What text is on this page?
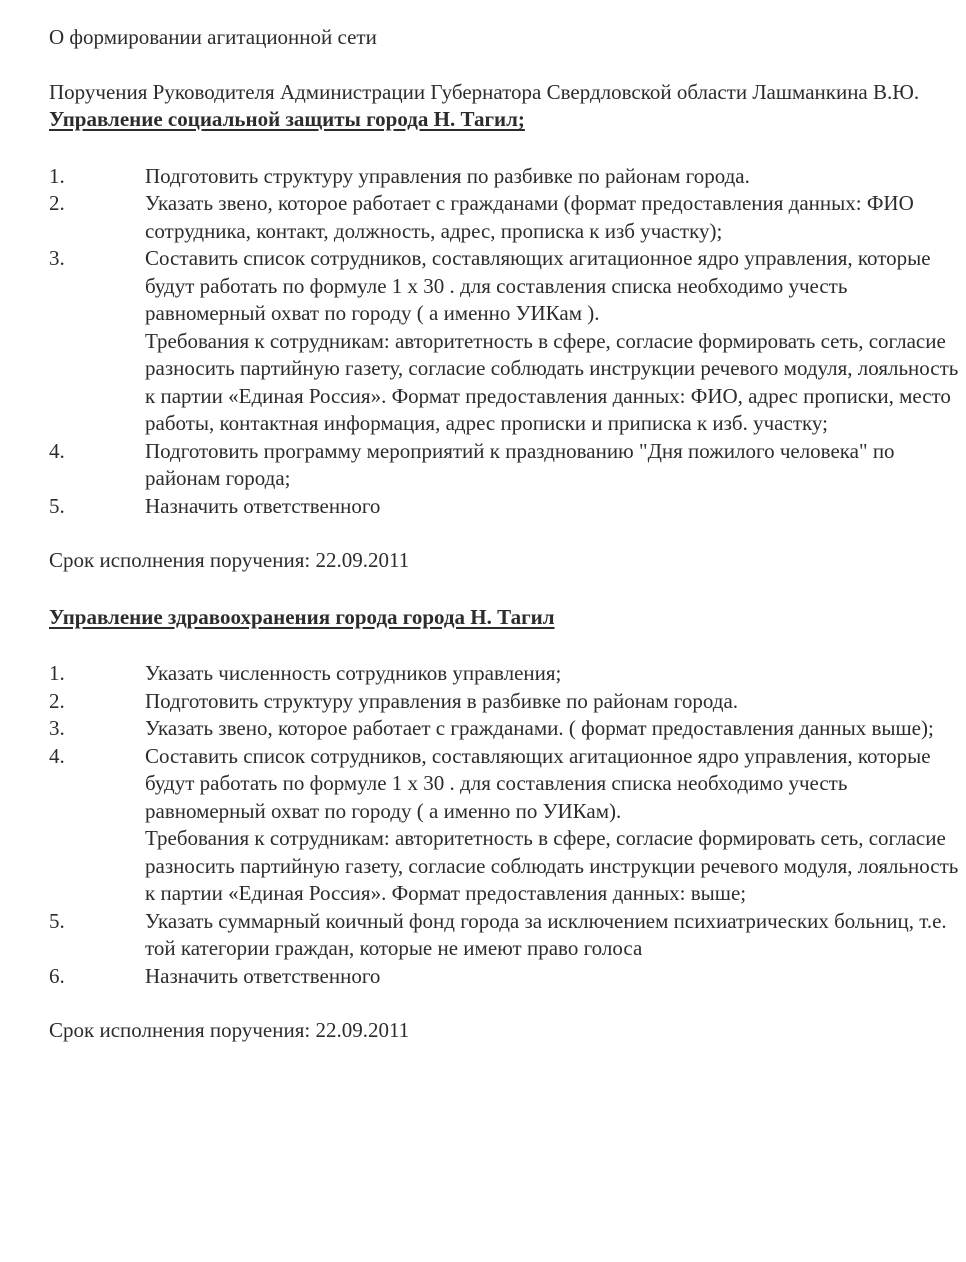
О формировании агитационной сети
Поручения Руководителя Администрации Губернатора Свердловской области Лашманкина В.Ю.
Управление социальной защиты города Н. Тагил;
1.	Подготовить структуру управления по разбивке по районам города.
2.	Указать звено, которое работает с гражданами (формат предоставления данных: ФИО сотрудника, контакт, должность, адрес, прописка к изб участку);
3.	Составить список сотрудников, составляющих агитационное ядро управления, которые будут работать по формуле 1 х 30 . для составления списка необходимо учесть равномерный охват по городу ( а именно УИКам ).
Требования к сотрудникам: авторитетность в сфере, согласие формировать сеть, согласие разносить партийную газету, согласие соблюдать инструкции речевого модуля, лояльность к партии «Единая Россия». Формат предоставления данных: ФИО, адрес прописки, место работы, контактная информация, адрес прописки и приписка к изб. участку;
4.	Подготовить программу мероприятий к празднованию "Дня пожилого человека" по районам города;
5.	Назначить ответственного
Срок исполнения поручения: 22.09.2011
Управление здравоохранения города города Н. Тагил
1.	Указать численность сотрудников управления;
2.	Подготовить структуру управления в разбивке по районам города.
3.	Указать звено, которое работает с гражданами. ( формат предоставления данных выше);
4.	Составить список сотрудников, составляющих агитационное ядро управления, которые будут работать по формуле 1 х 30 . для составления списка необходимо учесть равномерный охват по городу ( а именно по УИКам).
Требования к сотрудникам: авторитетность в сфере, согласие формировать сеть, согласие разносить партийную газету, согласие соблюдать инструкции речевого модуля, лояльность к партии «Единая Россия». Формат предоставления данных: выше;
5.	Указать суммарный коичный фонд города за исключением психиатрических больниц, т.е. той категории граждан, которые не имеют право голоса
6.	Назначить ответственного
Срок исполнения поручения: 22.09.2011
